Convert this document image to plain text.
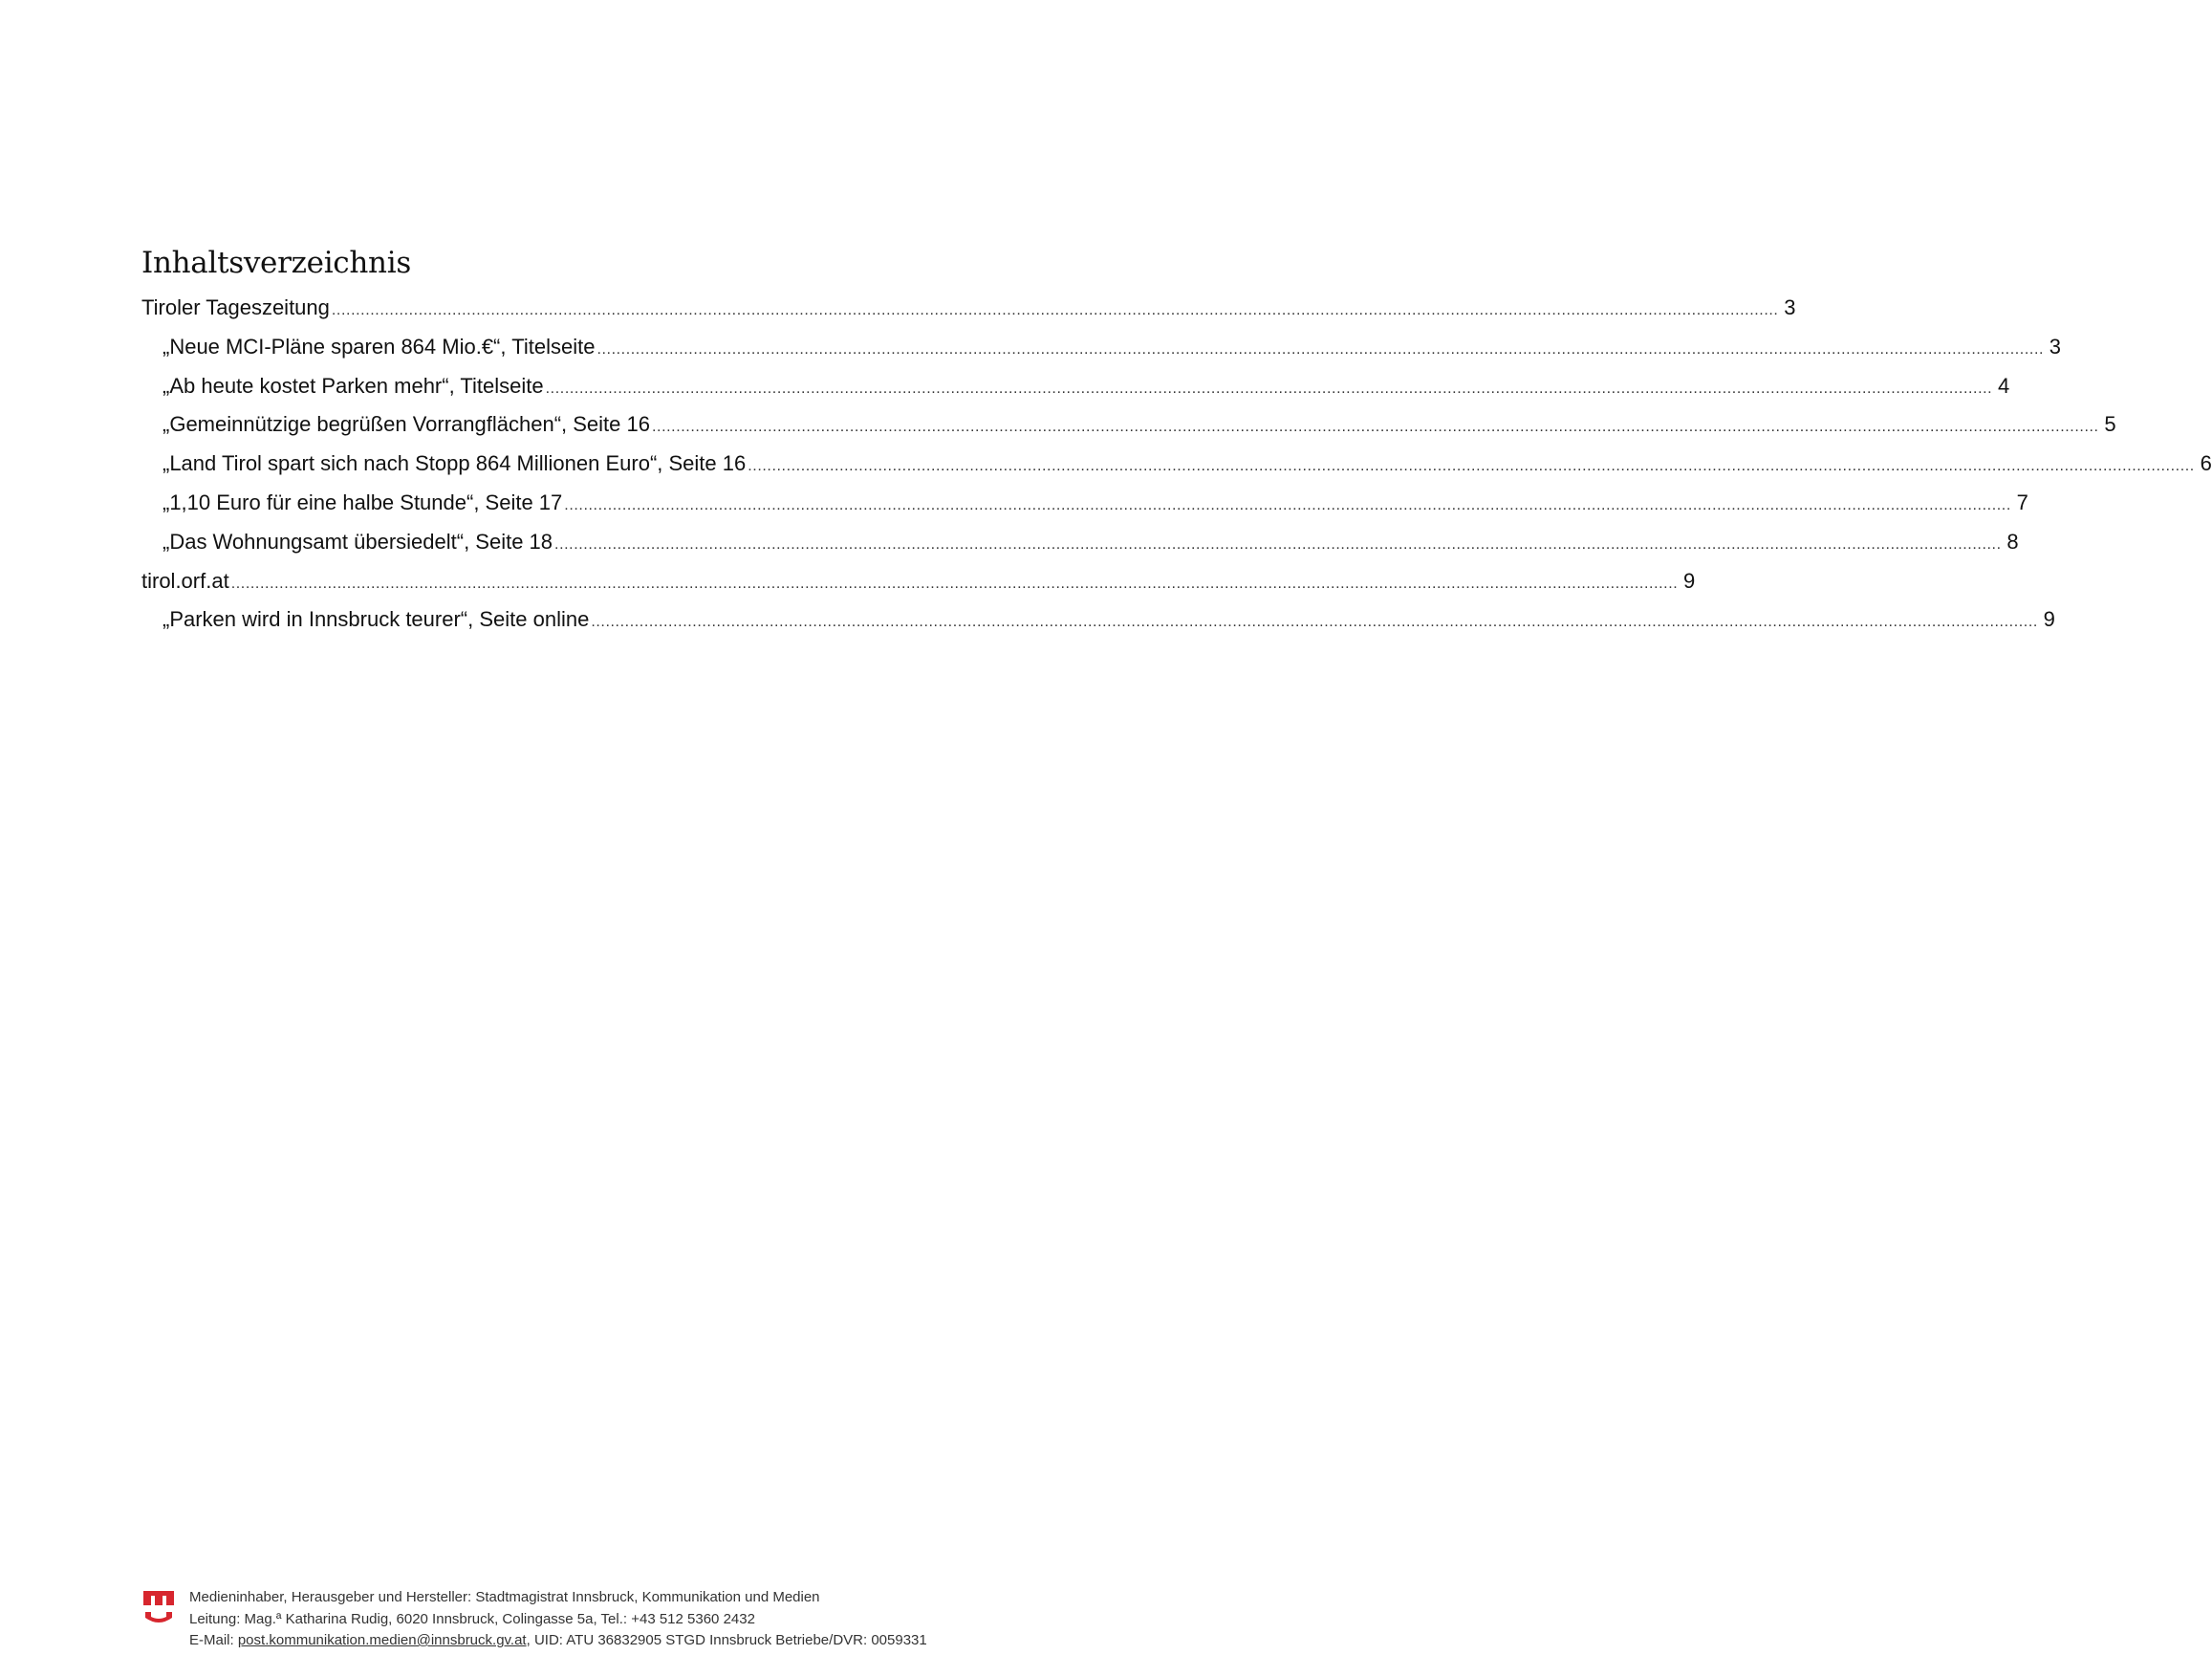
Inhaltsverzeichnis
Tiroler Tageszeitung ............................................................................................................................................................................................................................................................................................................ 3
„Neue MCI-Pläne sparen 864 Mio.€“, Titelseite ............................................................................................................................................................................................................................................................................................................ 3
„Ab heute kostet Parken mehr“, Titelseite ............................................................................................................................................................................................................................................................................................................ 4
„Gemeinnützige begrüßen Vorrangflächen“, Seite 16 ............................................................................................................................................................................................................................................................................................................ 5
„Land Tirol spart sich nach Stopp 864 Millionen Euro“, Seite 16 ............................................................................................................................................................................................................................................................................................................ 6
„1,10 Euro für eine halbe Stunde“, Seite 17 ............................................................................................................................................................................................................................................................................................................ 7
„Das Wohnungsamt übersiedelt“, Seite 18 ............................................................................................................................................................................................................................................................................................................ 8
tirol.orf.at ............................................................................................................................................................................................................................................................................................................ 9
„Parken wird in Innsbruck teurer“, Seite online ............................................................................................................................................................................................................................................................................................................ 9
Medieninhaber, Herausgeber und Hersteller: Stadtmagistrat Innsbruck, Kommunikation und Medien
Leitung: Mag.ª Katharina Rudig, 6020 Innsbruck, Colingasse 5a, Tel.: +43 512 5360 2432
E-Mail: post.kommunikation.medien@innsbruck.gv.at, UID: ATU 36832905 STGD Innsbruck Betriebe/DVR: 0059331
